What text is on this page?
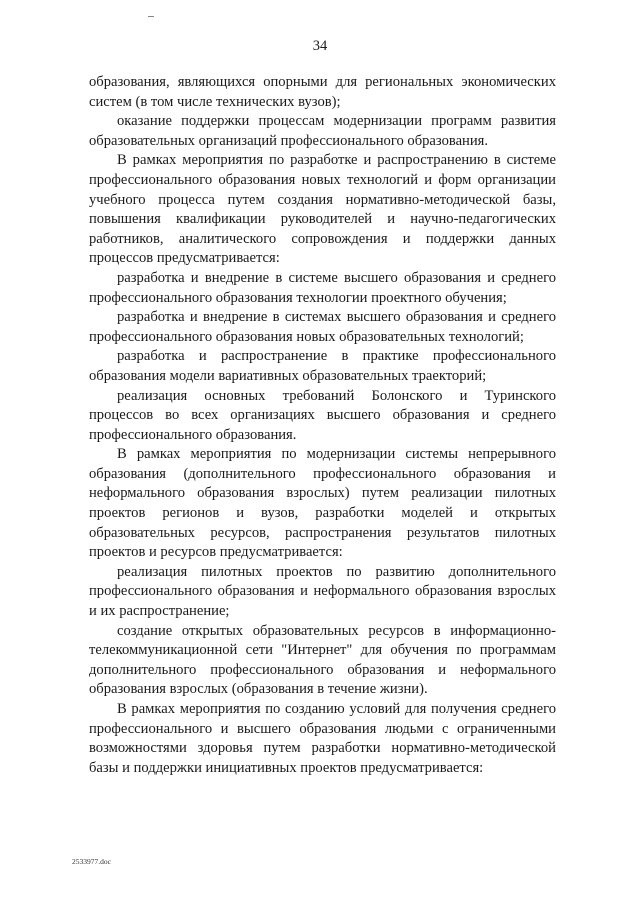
34

образования, являющихся опорными для региональных экономических систем (в том числе технических вузов);

оказание поддержки процессам модернизации программ развития образовательных организаций профессионального образования.

В рамках мероприятия по разработке и распространению в системе профессионального образования новых технологий и форм организации учебного процесса путем создания нормативно-методической базы, повышения квалификации руководителей и научно-педагогических работников, аналитического сопровождения и поддержки данных процессов предусматривается:

разработка и внедрение в системе высшего образования и среднего профессионального образования технологии проектного обучения;

разработка и внедрение в системах высшего образования и среднего профессионального образования новых образовательных технологий;

разработка и распространение в практике профессионального образования модели вариативных образовательных траекторий;

реализация основных требований Болонского и Туринского процессов во всех организациях высшего образования и среднего профессионального образования.

В рамках мероприятия по модернизации системы непрерывного образования (дополнительного профессионального образования и неформального образования взрослых) путем реализации пилотных проектов регионов и вузов, разработки моделей и открытых образовательных ресурсов, распространения результатов пилотных проектов и ресурсов предусматривается:

реализация пилотных проектов по развитию дополнительного профессионального образования и неформального образования взрослых и их распространение;

создание открытых образовательных ресурсов в информационно-телекоммуникационной сети "Интернет" для обучения по программам дополнительного профессионального образования и неформального образования взрослых (образования в течение жизни).

В рамках мероприятия по созданию условий для получения среднего профессионального и высшего образования людьми с ограниченными возможностями здоровья путем разработки нормативно-методической базы и поддержки инициативных проектов предусматривается:

2533977.doc
